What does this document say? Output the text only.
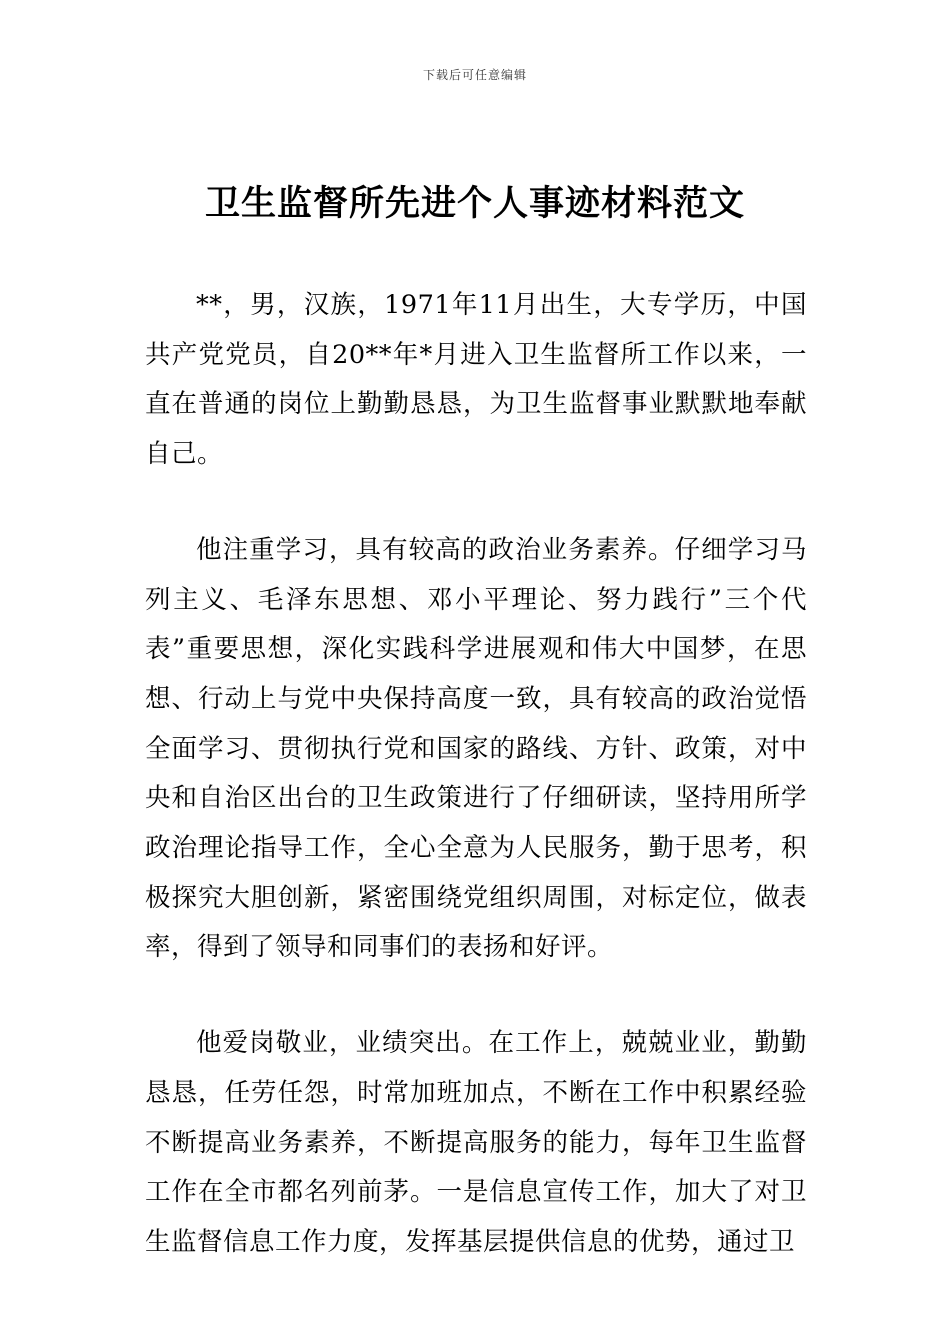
下载后可任意编辑
卫生监督所先进个人事迹材料范文

**，男，汉族，1971年11月出生，大专学历，中国共产党党员，自20**年*月进入卫生监督所工作以来，一直在普通的岗位上勤勤恳恳，为卫生监督事业默默地奉献自己。

他注重学习，具有较高的政治业务素养。仔细学习马列主义、毛泽东思想、邓小平理论、努力践行”三个代表”重要思想，深化实践科学进展观和伟大中国梦，在思想、行动上与党中央保持高度一致，具有较高的政治觉悟全面学习、贯彻执行党和国家的路线、方针、政策，对中央和自治区出台的卫生政策进行了仔细研读，坚持用所学政治理论指导工作，全心全意为人民服务，勤于思考，积极探究大胆创新，紧密围绕党组织周围，对标定位，做表率，得到了领导和同事们的表扬和好评。

他爱岗敬业，业绩突出。在工作上，兢兢业业，勤勤恳恳，任劳任怨，时常加班加点，不断在工作中积累经验不断提高业务素养，不断提高服务的能力，每年卫生监督工作在全市都名列前茅。一是信息宣传工作，加大了对卫生监督信息工作力度，发挥基层提供信息的优势，通过卫
